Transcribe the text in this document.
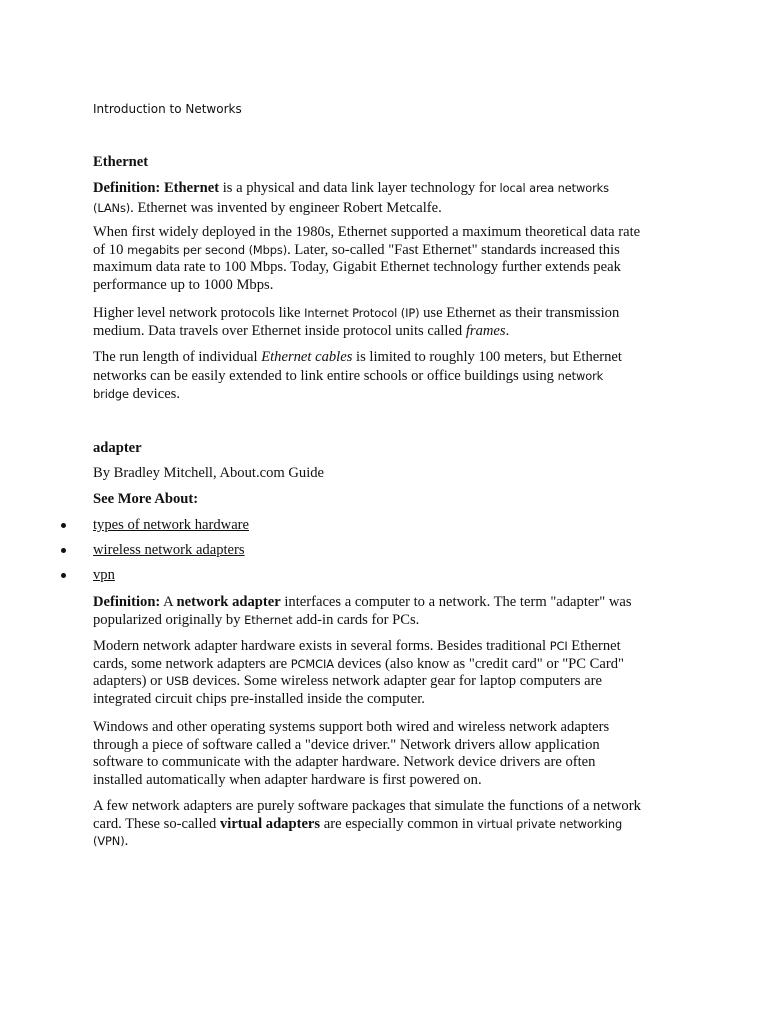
Introduction to Networks
Ethernet
Definition: Ethernet is a physical and data link layer technology for local area networks
(LANs). Ethernet was invented by engineer Robert Metcalfe.
When first widely deployed in the 1980s, Ethernet supported a maximum theoretical data rate
of 10 megabits per second (Mbps). Later, so-called "Fast Ethernet" standards increased this
maximum data rate to 100 Mbps. Today, Gigabit Ethernet technology further extends peak
performance up to 1000 Mbps.
Higher level network protocols like Internet Protocol (IP) use Ethernet as their transmission
medium. Data travels over Ethernet inside protocol units called frames.
The run length of individual Ethernet cables is limited to roughly 100 meters, but Ethernet
networks can be easily extended to link entire schools or office buildings using network
bridge devices.
adapter
By Bradley Mitchell, About.com Guide
See More About:
types of network hardware
wireless network adapters
vpn
Definition: A network adapter interfaces a computer to a network. The term "adapter" was
popularized originally by Ethernet add-in cards for PCs.
Modern network adapter hardware exists in several forms. Besides traditional PCI Ethernet
cards, some network adapters are PCMCIA devices (also know as "credit card" or "PC Card"
adapters) or USB devices. Some wireless network adapter gear for laptop computers are
integrated circuit chips pre-installed inside the computer.
Windows and other operating systems support both wired and wireless network adapters
through a piece of software called a "device driver." Network drivers allow application
software to communicate with the adapter hardware. Network device drivers are often
installed automatically when adapter hardware is first powered on.
A few network adapters are purely software packages that simulate the functions of a network
card. These so-called virtual adapters are especially common in virtual private networking
(VPN).
